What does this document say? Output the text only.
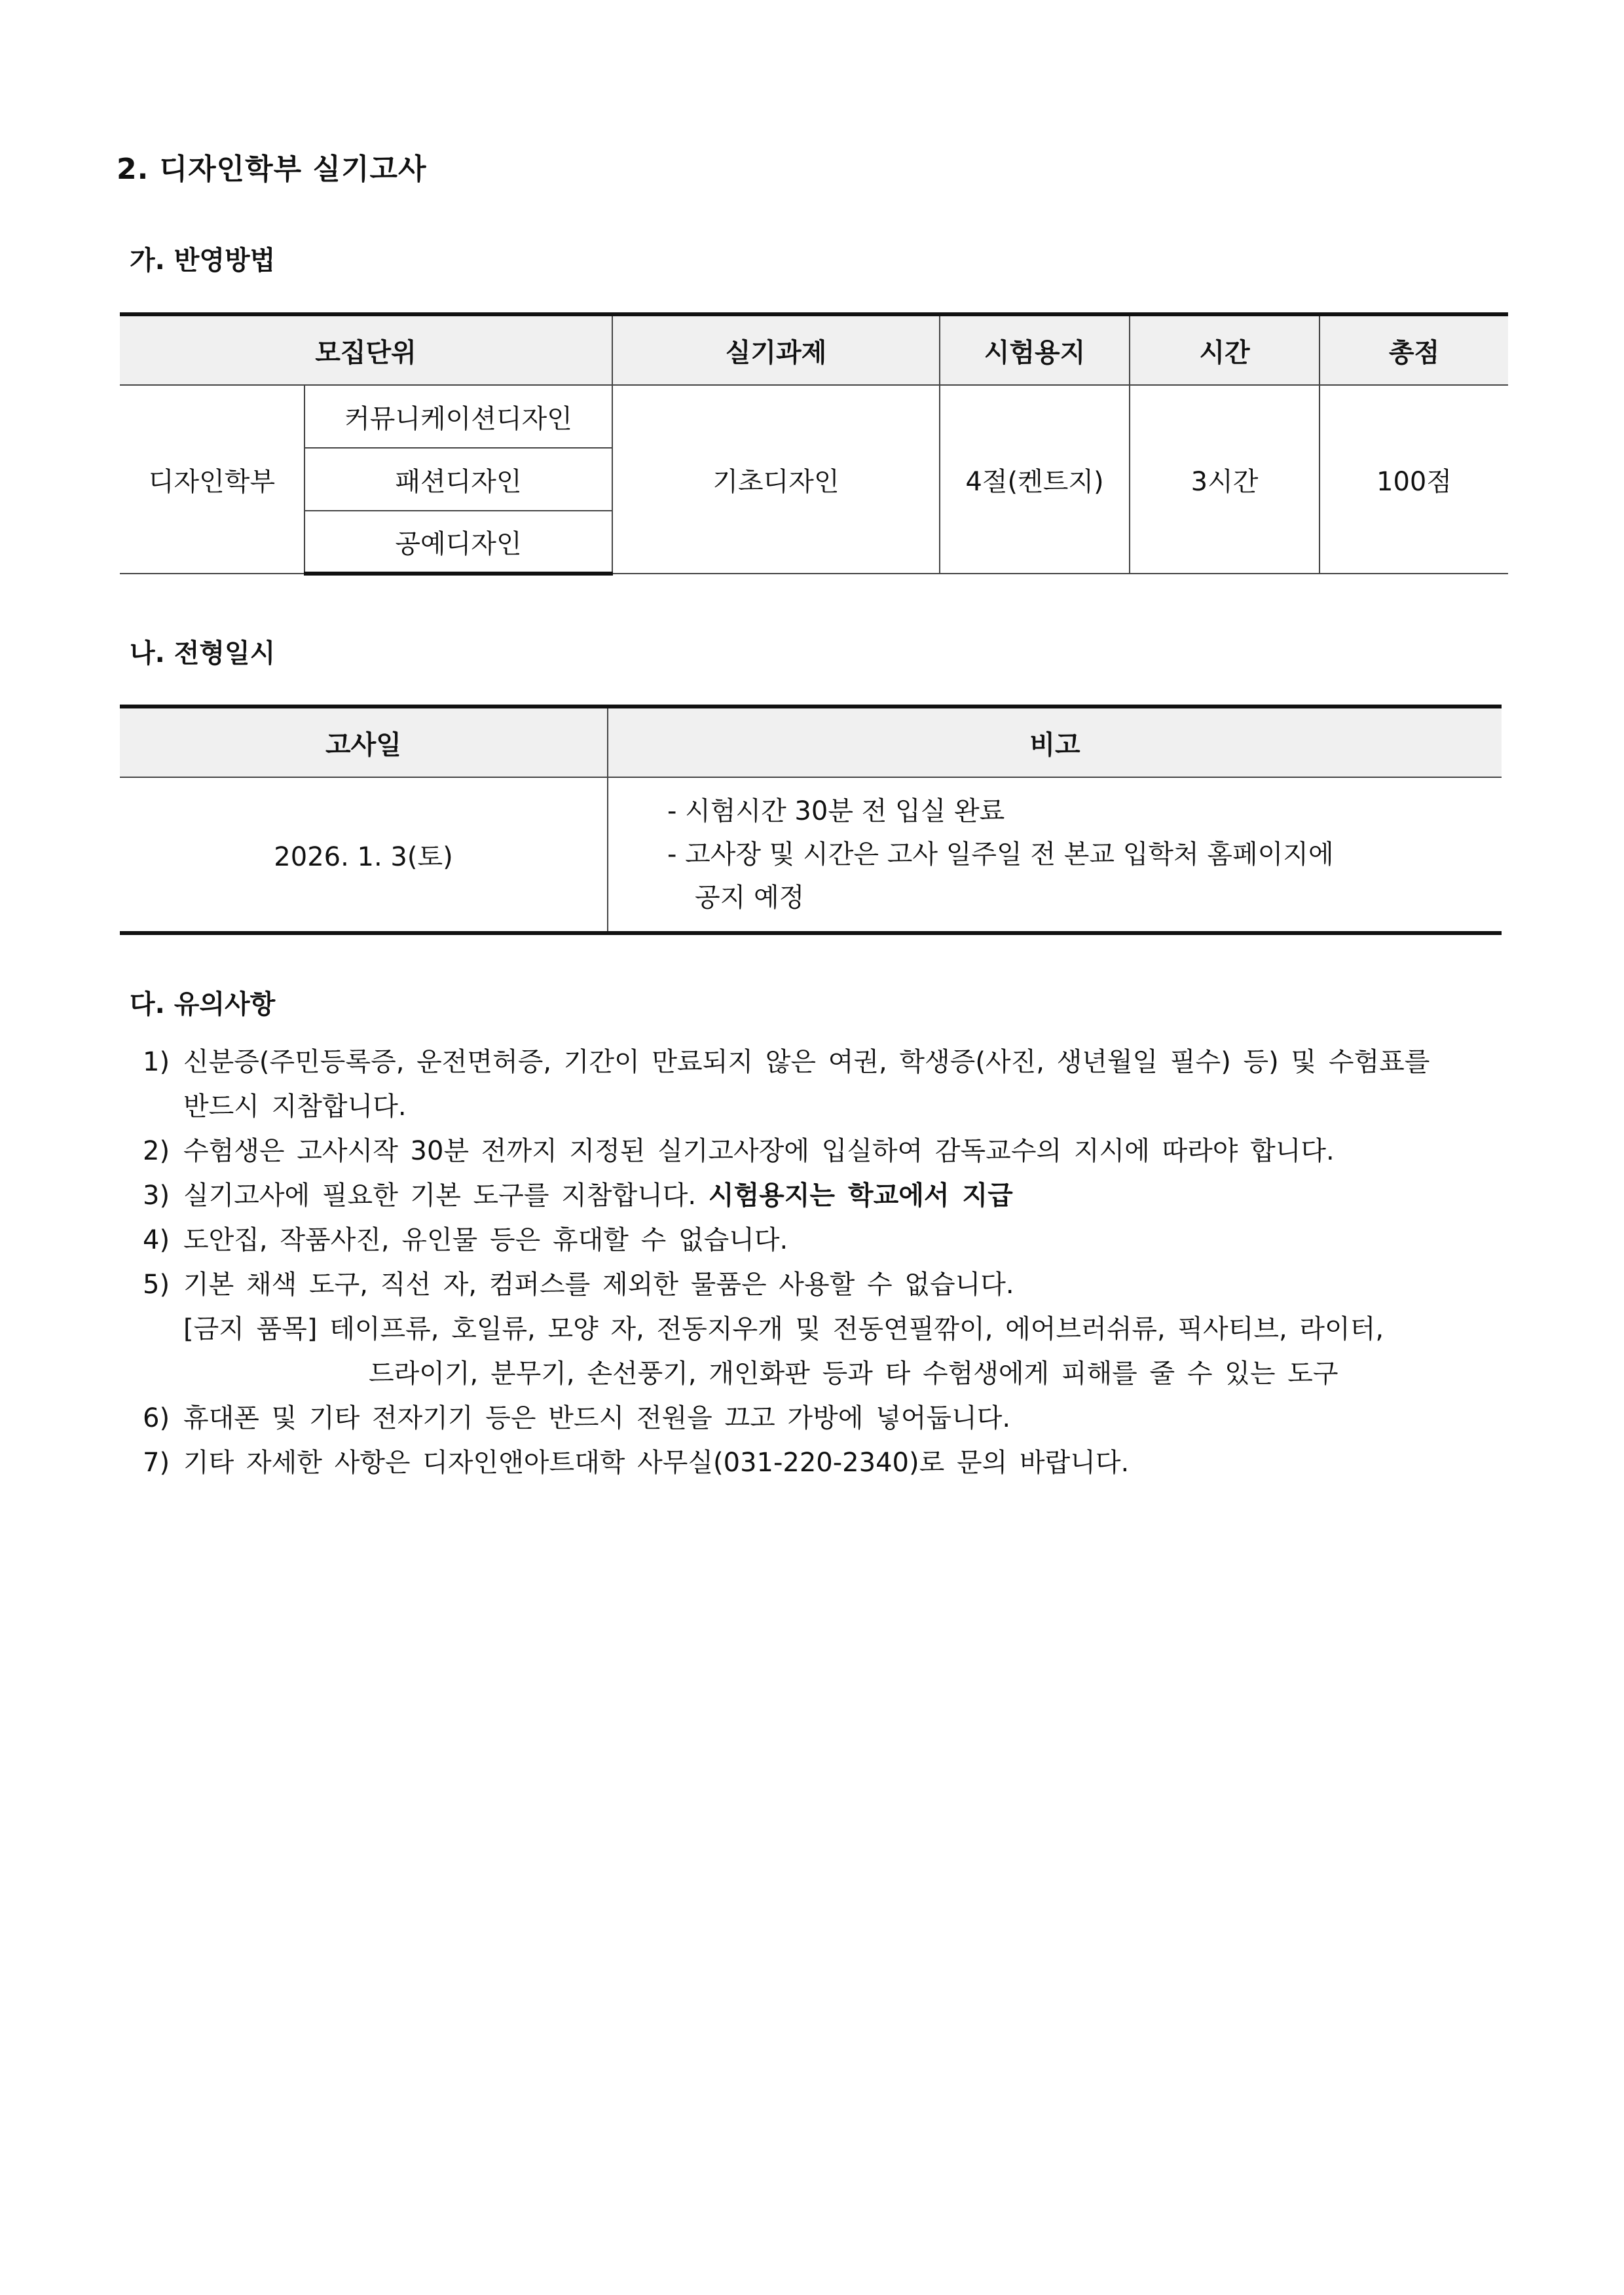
2. 디자인학부 실기고사
가. 반영방법
모집단위		실기과제	시험용지	시간	총점
디자인학부	커뮤니케이션디자인	기초디자인	4절(켄트지)	3시간	100점
	패션디자인				
	공예디자인				
나. 전형일시
고사일	비고
2026. 1. 3(토)	- 시험시간 30분 전 입실 완료
- 고사장 및 시간은 고사 일주일 전 본교 입학처 홈페이지에
공지 예정
다. 유의사항
1) 신분증(주민등록증, 운전면허증, 기간이 만료되지 않은 여권, 학생증(사진, 생년월일 필수) 등) 및 수험표를
반드시 지참합니다.
2) 수험생은 고사시작 30분 전까지 지정된 실기고사장에 입실하여 감독교수의 지시에 따라야 합니다.
3) 실기고사에 필요한 기본 도구를 지참합니다. 시험용지는 학교에서 지급
4) 도안집, 작품사진, 유인물 등은 휴대할 수 없습니다.
5) 기본 채색 도구, 직선 자, 컴퍼스를 제외한 물품은 사용할 수 없습니다.
[금지 품목] 테이프류, 호일류, 모양 자, 전동지우개 및 전동연필깎이, 에어브러쉬류, 픽사티브, 라이터,
드라이기, 분무기, 손선풍기, 개인화판 등과 타 수험생에게 피해를 줄 수 있는 도구
6) 휴대폰 및 기타 전자기기 등은 반드시 전원을 끄고 가방에 넣어둡니다.
7) 기타 자세한 사항은 디자인앤아트대학 사무실(031-220-2340)로 문의 바랍니다.
